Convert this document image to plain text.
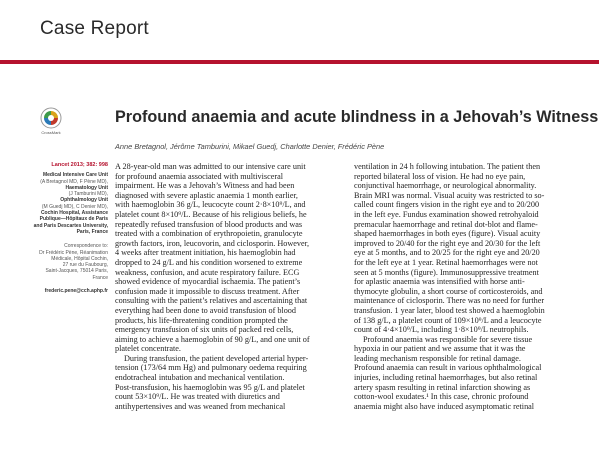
Case Report
CrossMark
Profound anaemia and acute blindness in a Jehovah’s Witness
Anne Bretagnol, Jérôme Tamburini, Mikael Guedj, Charlotte Denier, Frédéric Pène
Lancet 2013; 382: 998
Medical Intensive Care Unit
(A Bretagnol MD, F Pène MD),
Haematology Unit
(J Tamburini MD),
Ophthalmology Unit
(M Guedj MD), C Denier MD),
Cochin Hospital, Assistance
Publique—Hôpitaux de Paris
and Paris Descartes University,
Paris, France
Correspondence to:
Dr Frédéric Pène, Réanimation
Médicale, Hôpital Cochin,
27 rue du Faubourg,
Saint-Jacques, 75014 Paris,
France
frederic.pene@cch.aphp.fr
A 28-year-old man was admitted to our intensive care unit
for profound anaemia associated with multivisceral
impairment. He was a Jehovah’s Witness and had been
diagnosed with severe aplastic anaemia 1 month earlier,
with haemoglobin 36 g/L, leucocyte count 2·8×10⁹/L, and
platelet count 8×10⁹/L. Because of his religious beliefs, he
repeatedly refused transfusion of blood products and was
treated with a combination of erythropoietin, granulocyte
growth factors, iron, leucovorin, and ciclosporin. However,
4 weeks after treatment initiation, his haemoglobin had
dropped to 24 g/L and his condition worsened to extreme
weakness, confusion, and acute respiratory failure. ECG
showed evidence of myocardial ischaemia. The patient’s
confusion made it impossible to discuss treatment. After
consulting with the patient’s relatives and ascertaining that
everything had been done to avoid transfusion of blood
products, his life-threatening condition prompted the
emergency transfusion of six units of packed red cells,
aiming to achieve a haemoglobin of 90 g/L, and one unit of
platelet concentrate.
During transfusion, the patient developed arterial hyper-
tension (173/64 mm Hg) and pulmonary oedema requiring
endotracheal intubation and mechanical ventilation.
Post-transfusion, his haemoglobin was 95 g/L and platelet
count 53×10⁹/L. He was treated with diuretics and
antihypertensives and was weaned from mechanical
ventilation in 24 h following intubation. The patient then
reported bilateral loss of vision. He had no eye pain,
conjunctival haemorrhage, or neurological abnormality.
Brain MRI was normal. Visual acuity was restricted to so-
called count fingers vision in the right eye and to 20/200
in the left eye. Fundus examination showed retrohyaloid
premacular haemorrhage and retinal dot-blot and flame-
shaped haemorrhages in both eyes (figure). Visual acuity
improved to 20/40 for the right eye and 20/30 for the left
eye at 5 months, and to 20/25 for the right eye and 20/20
for the left eye at 1 year. Retinal haemorrhages were not
seen at 5 months (figure). Immunosuppressive treatment
for aplastic anaemia was intensified with horse anti-
thymocyte globulin, a short course of corticosteroids, and
maintenance of ciclosporin. There was no need for further
transfusion. 1 year later, blood test showed a haemoglobin
of 138 g/L, a platelet count of 109×10⁹/L and a leucocyte
count of 4·4×10⁹/L, including 1·8×10⁹/L neutrophils.
Profound anaemia was responsible for severe tissue
hypoxia in our patient and we assume that it was the
leading mechanism responsible for retinal damage.
Profound anaemia can result in various ophthalmological
injuries, including retinal haemorrhages, but also retinal
artery spasm resulting in retinal infarction showing as
cotton-wool exudates.¹ In this case, chronic profound
anaemia might also have induced asymptomatic retinal
